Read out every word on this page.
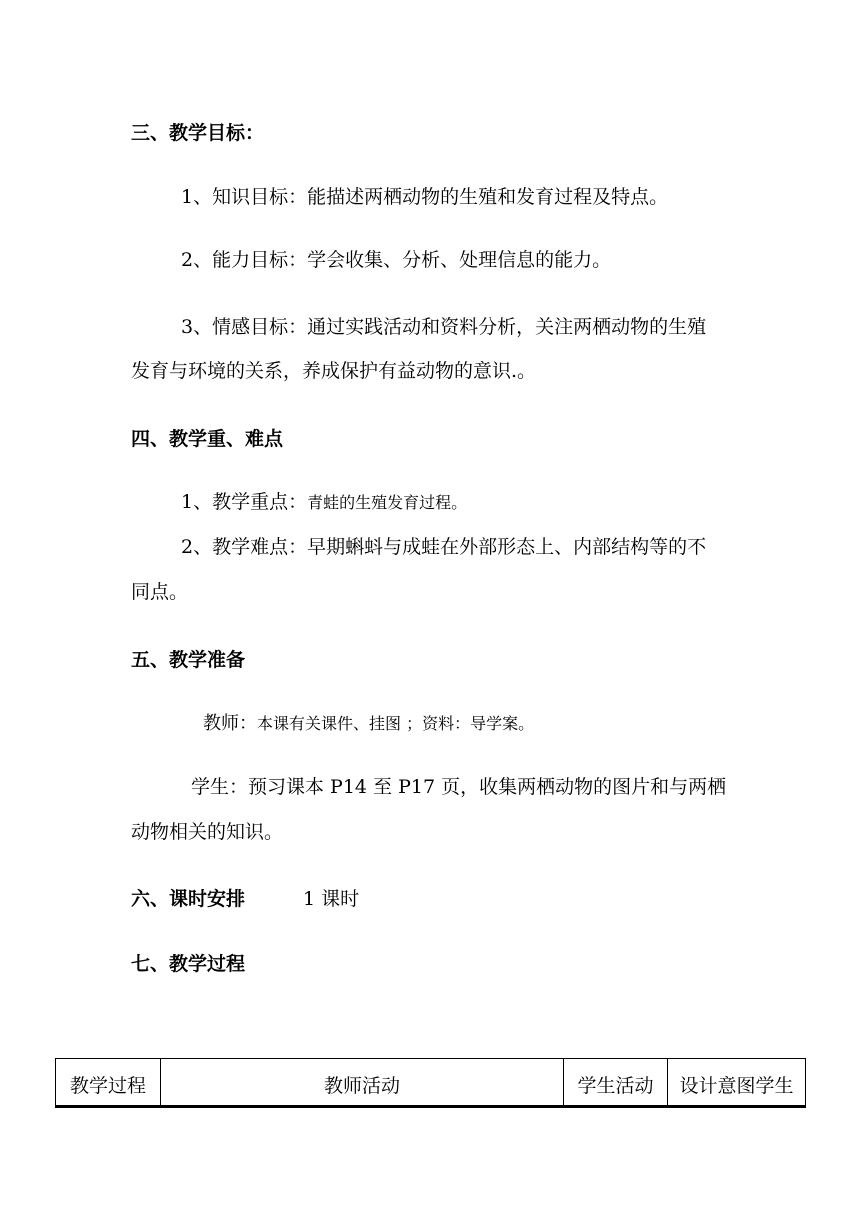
三、教学目标：

1、知识目标：能描述两栖动物的生殖和发育过程及特点。

2、能力目标：学会收集、分析、处理信息的能力。

3、情感目标：通过实践活动和资料分析，关注两栖动物的生殖

发育与环境的关系，养成保护有益动物的意识.。

四、教学重、难点

1、教学重点：青蛙的生殖发育过程。

2、教学难点：早期蝌蚪与成蛙在外部形态上、内部结构等的不

同点。

五、教学准备

教师：本课有关课件、挂图 ；资料：导学案。

学生：预习课本 P14 至 P17 页，收集两栖动物的图片和与两栖

动物相关的知识。

六、课时安排	1 课时

七、教学过程

教学过程	教师活动	学生活动	设计意图学生
